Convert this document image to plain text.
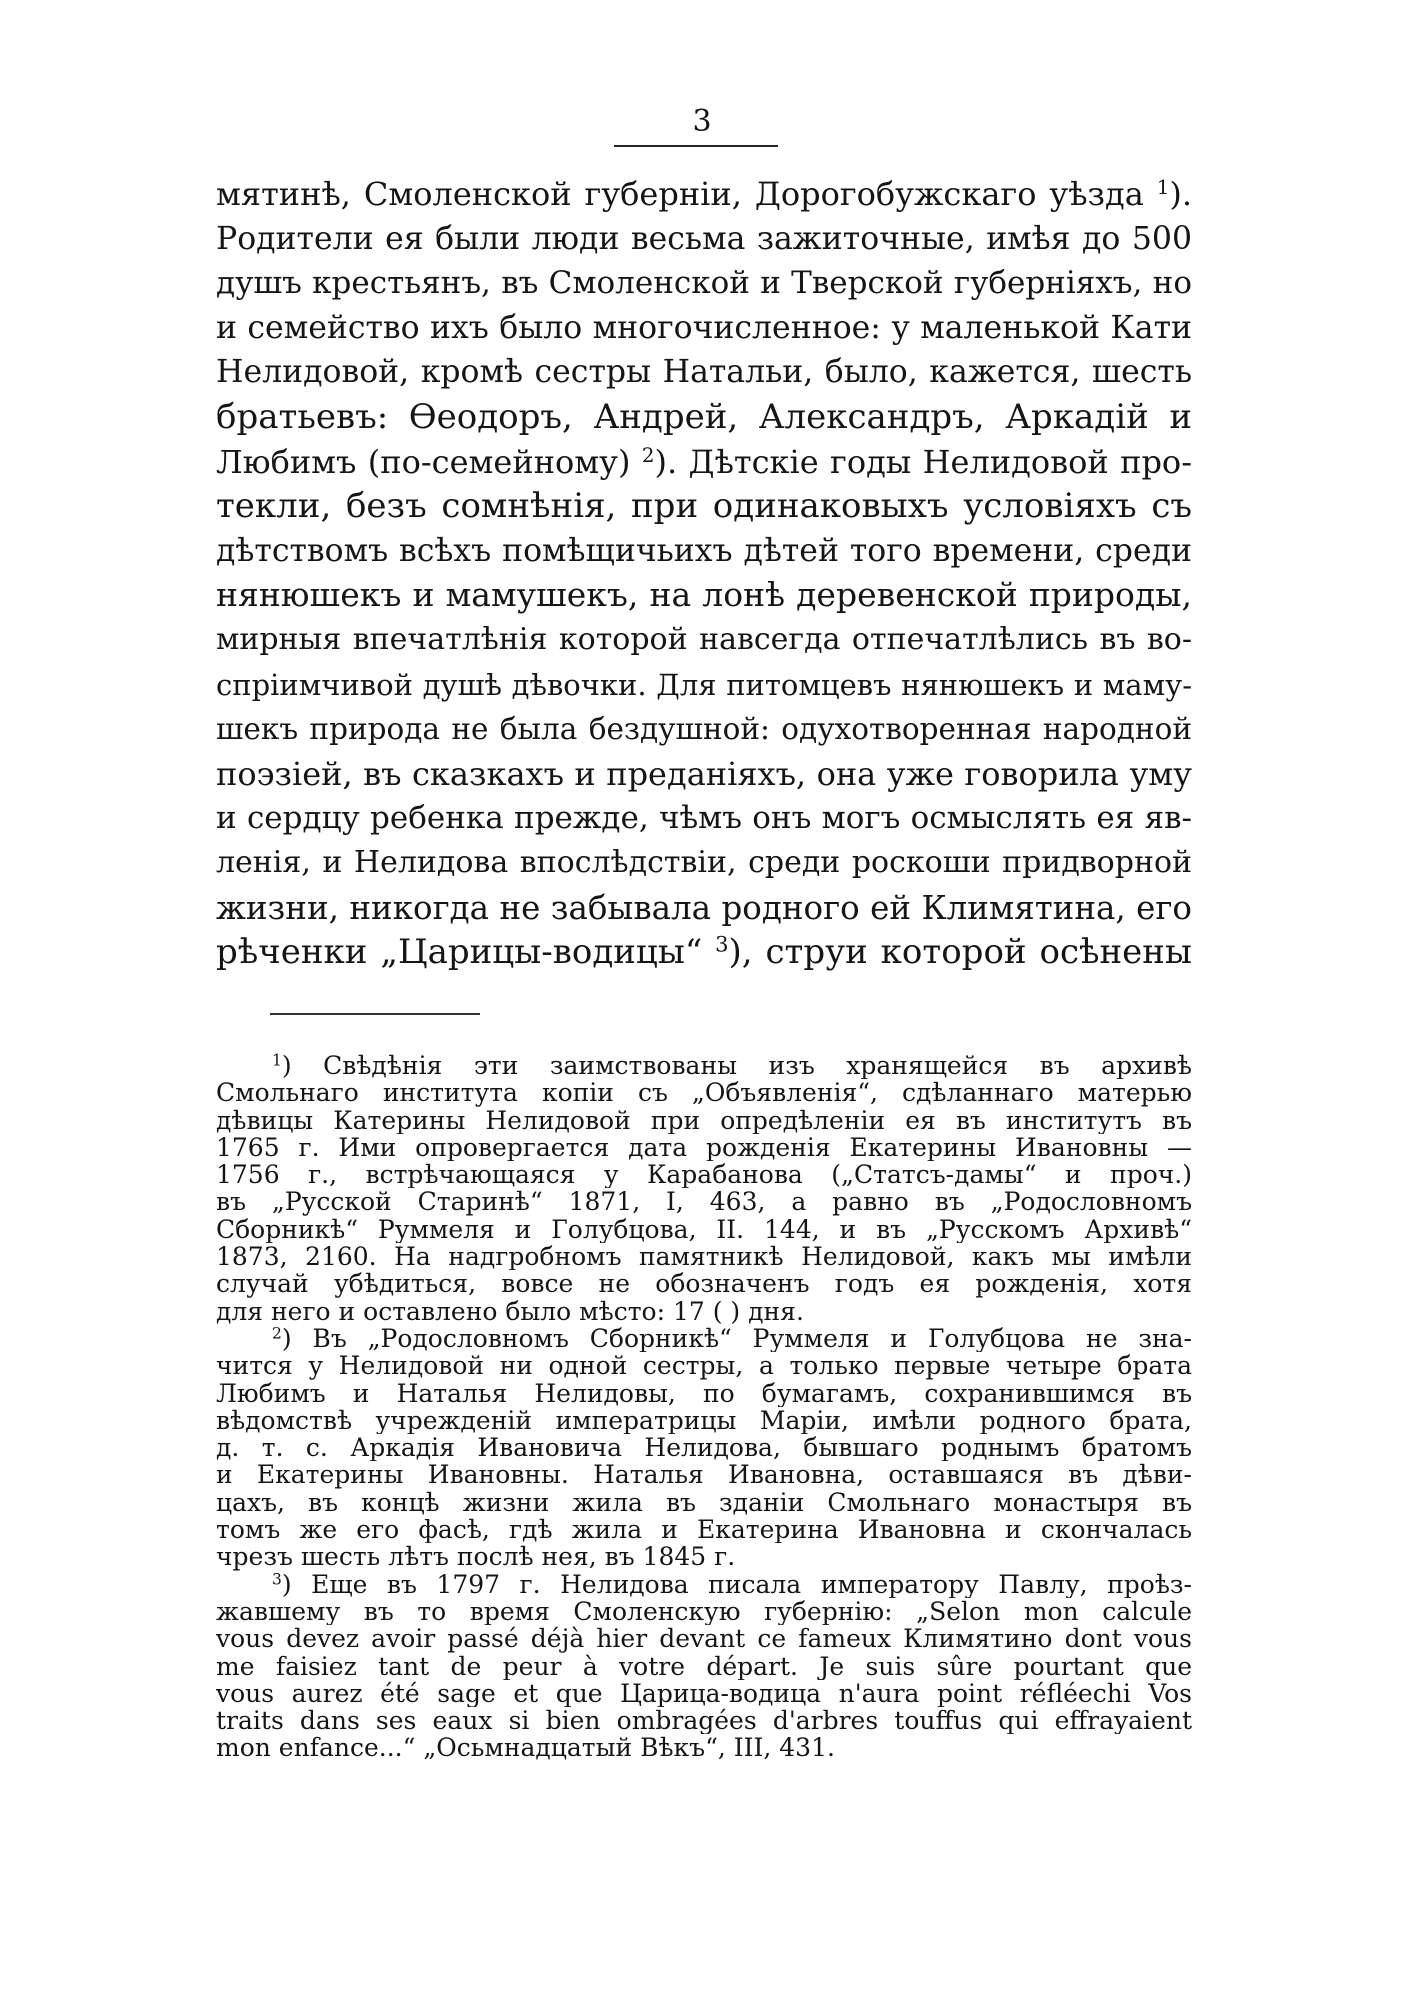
3
мятинѣ, Смоленской губерніи, Дорогобужскаго уѣзда $^1$).
Родители ея были люди весьма зажиточные, имѣя до 500
душъ крестьянъ, въ Смоленской и Тверской губерніяхъ, но
и семейство ихъ было многочисленное: у маленькой Кати
Нелидовой, кромѣ сестры Натальи, было, кажется, шесть
братьевъ: Ѳеодоръ, Андрей, Александръ, Аркадій и
Любимъ (по-семейному) $^2$). Дѣтскіе годы Нелидовой про-
текли, безъ сомнѣнія, при одинаковыхъ условіяхъ съ
дѣтствомъ всѣхъ помѣщичьихъ дѣтей того времени, среди
нянюшекъ и мамушекъ, на лонѣ деревенской природы,
мирныя впечатлѣнія которой навсегда отпечатлѣлись въ во-
спріимчивой душѣ дѣвочки. Для питомцевъ нянюшекъ и маму-
шекъ природа не была бездушной: одухотворенная народной
поэзіей, въ сказкахъ и преданіяхъ, она уже говорила уму
и сердцу ребенка прежде, чѣмъ онъ могъ осмыслять ея яв-
ленія, и Нелидова впослѣдствіи, среди роскоши придворной
жизни, никогда не забывала родного ей Климятина, его
рѣченки „Царицы-водицы“ $^3$), струи которой осѣнены
$^1$) Свѣдѣнія эти заимствованы изъ хранящейся въ архивѣ
Смольнаго института копіи съ „Объявленія“, сдѣланнаго матерью
дѣвицы Катерины Нелидовой при опредѣленіи ея въ институтъ въ
1765 г. Ими опровергается дата рожденія Екатерины Ивановны —
1756 г., встрѣчающаяся у Карабанова („Статсъ-дамы“ и проч.)
въ „Русской Старинѣ“ 1871, I, 463, а равно въ „Родословномъ
Сборникѣ“ Руммеля и Голубцова, II. 144, и въ „Русскомъ Архивѣ“
1873, 2160. На надгробномъ памятникѣ Нелидовой, какъ мы имѣли
случай убѣдиться, вовсе не обозначенъ годъ ея рожденія, хотя
для него и оставлено было мѣсто: 17 ( ) дня.
$^2$) Въ „Родословномъ Сборникѣ“ Руммеля и Голубцова не зна-
чится у Нелидовой ни одной сестры, а только первые четыре брата
Любимъ и Наталья Нелидовы, по бумагамъ, сохранившимся въ
вѣдомствѣ учрежденій императрицы Маріи, имѣли родного брата,
д. т. с. Аркадія Ивановича Нелидова, бывшаго роднымъ братомъ
и Екатерины Ивановны. Наталья Ивановна, оставшаяся въ дѣви-
цахъ, въ концѣ жизни жила въ зданіи Смольнаго монастыря въ
томъ же его фасѣ, гдѣ жила и Екатерина Ивановна и скончалась
чрезъ шесть лѣтъ послѣ нея, въ 1845 г.
$^3$) Еще въ 1797 г. Нелидова писала императору Павлу, проѣз-
жавшему въ то время Смоленскую губернію: „Selon mon calcule
vous devez avoir passé déjà hier devant ce fameux Климятино dont vous
me faisiez tant de peur à votre départ. Je suis sûre pourtant que
vous aurez été sage et que Царица-водица n'aura point réfléechi Vos
traits dans ses eaux si bien ombragées d'arbres touffus qui effrayaient
mon enfance...“ „Осьмнадцатый Вѣкъ“, III, 431.
